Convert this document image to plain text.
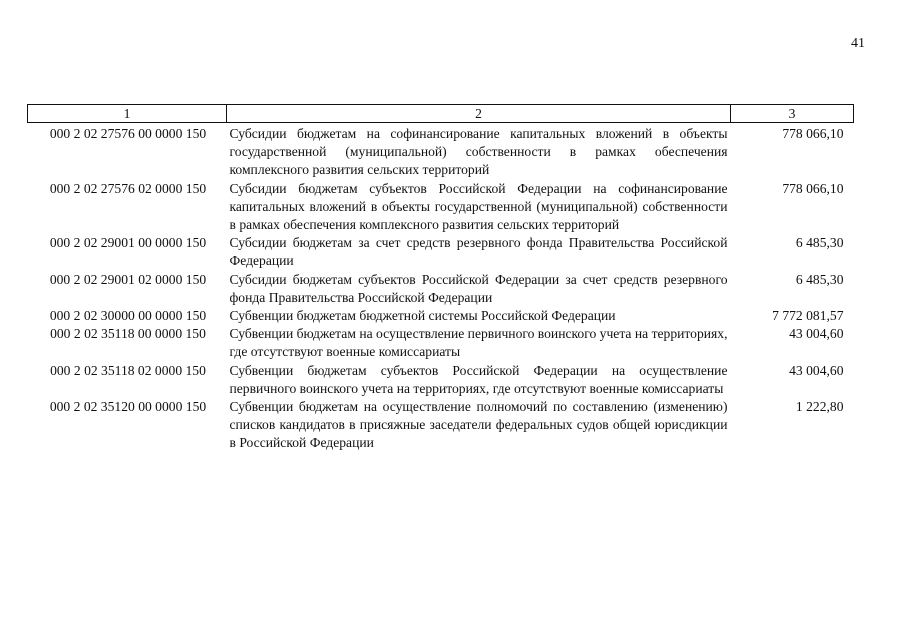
41
1	2	3
000 2 02 27576 00 0000 150	Субсидии бюджетам на софинансирование капитальных вложений в объекты государственной (муниципальной) собственности в рамках обеспечения комплексного развития сельских территорий	778 066,10
000 2 02 27576 02 0000 150	Субсидии бюджетам субъектов Российской Федерации на софинансирование капитальных вложений в объекты государственной (муниципальной) собственности в рамках обеспечения комплексного развития сельских территорий	778 066,10
000 2 02 29001 00 0000 150	Субсидии бюджетам за счет средств резервного фонда Правительства Российской Федерации	6 485,30
000 2 02 29001 02 0000 150	Субсидии бюджетам субъектов Российской Федерации за счет средств резервного фонда Правительства Российской Федерации	6 485,30
000 2 02 30000 00 0000 150	Субвенции бюджетам бюджетной системы Российской Федерации	7 772 081,57
000 2 02 35118 00 0000 150	Субвенции бюджетам на осуществление первичного воинского учета на территориях, где отсутствуют военные комиссариаты	43 004,60
000 2 02 35118 02 0000 150	Субвенции бюджетам субъектов Российской Федерации на осуществление первичного воинского учета на территориях, где отсутствуют военные комиссариаты	43 004,60
000 2 02 35120 00 0000 150	Субвенции бюджетам на осуществление полномочий по составлению (изменению) списков кандидатов в присяжные заседатели федеральных судов общей юрисдикции в Российской Федерации	1 222,80
